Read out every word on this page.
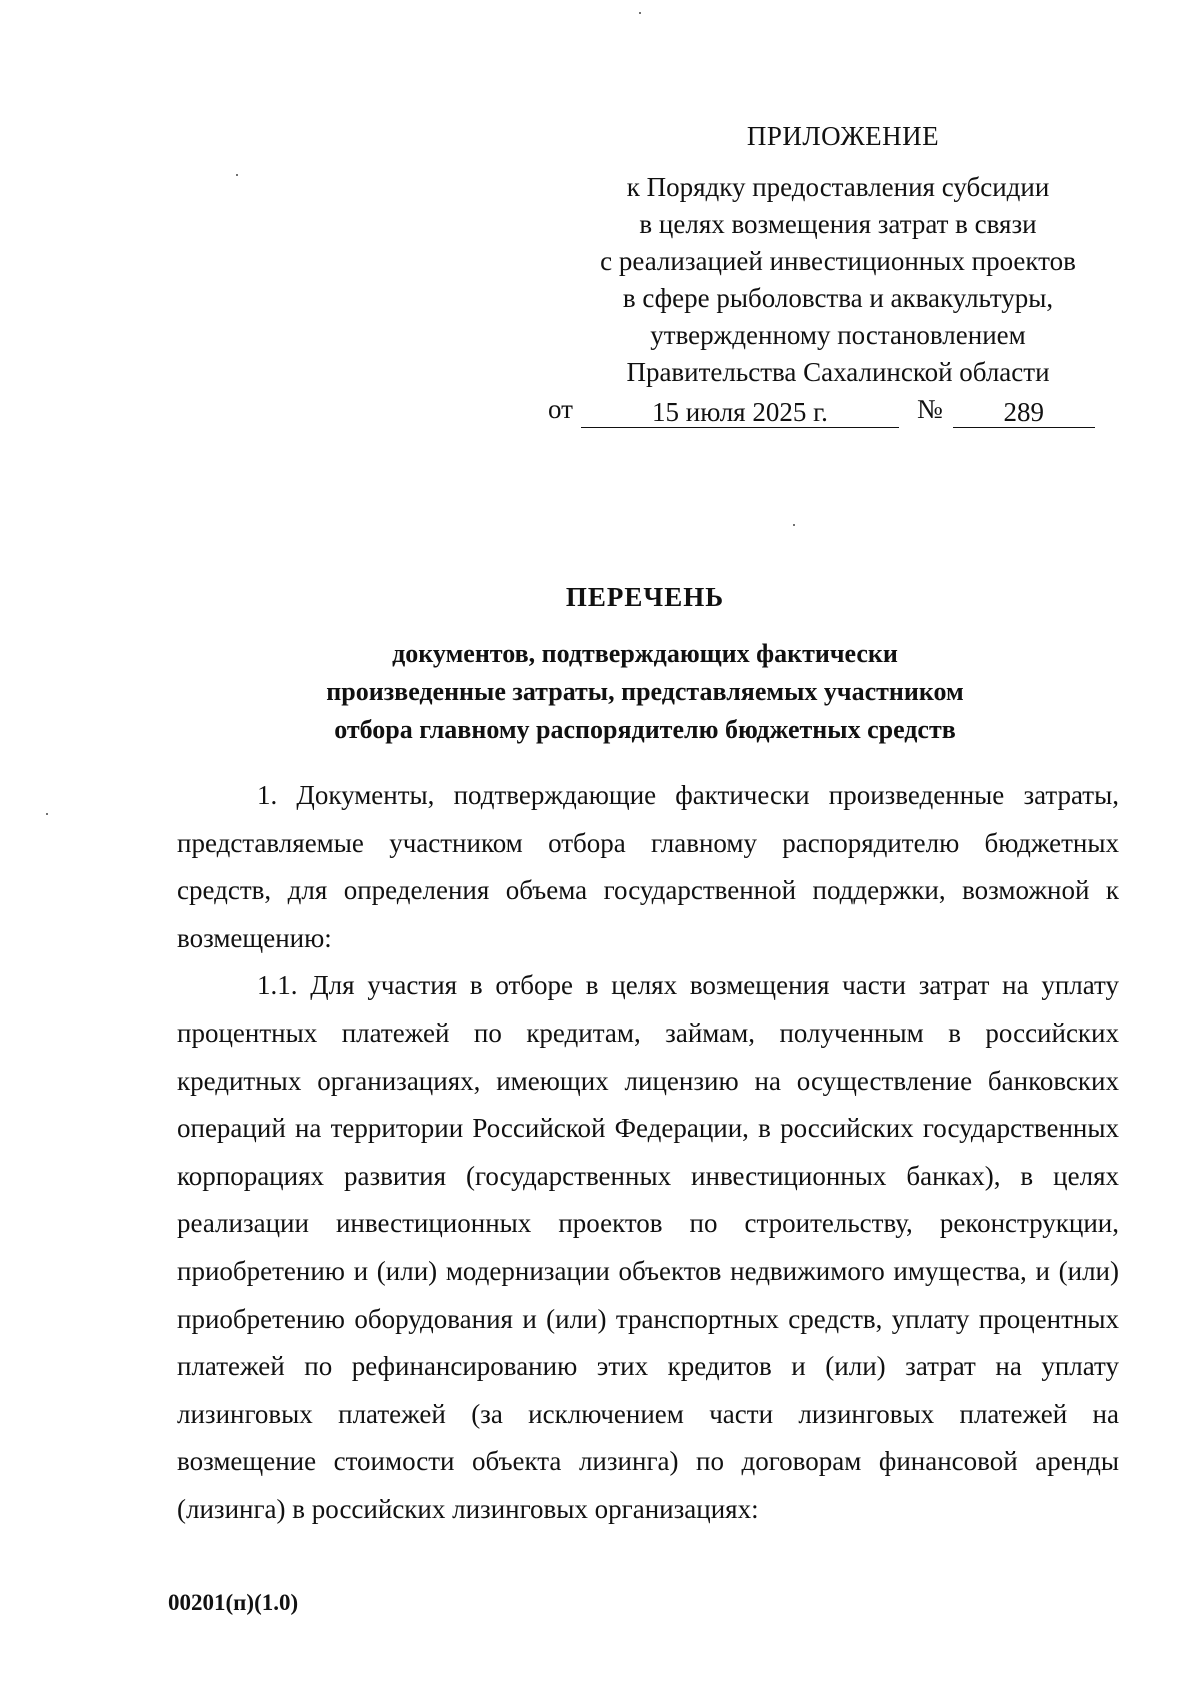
ПРИЛОЖЕНИЕ
к Порядку предоставления субсидии
в целях возмещения затрат в связи
с реализацией инвестиционных проектов
в сфере рыболовства и аквакультуры,
утвержденному постановлением
Правительства Сахалинской области
от	15 июля 2025 г.	№	289
ПЕРЕЧЕНЬ
документов, подтверждающих фактически
произведенные затраты, представляемых участником
отбора главному распорядителю бюджетных средств

1. Документы, подтверждающие фактически произведенные затраты, представляемые участником отбора главному распорядителю бюджетных средств, для определения объема государственной поддержки, возможной к возмещению:

1.1. Для участия в отборе в целях возмещения части затрат на уплату процентных платежей по кредитам, займам, полученным в российских кредитных организациях, имеющих лицензию на осуществление банковских операций на территории Российской Федерации, в российских государственных корпорациях развития (государственных инвестиционных банках), в целях реализации инвестиционных проектов по строительству, реконструкции, приобретению и (или) модернизации объектов недвижимого имущества, и (или) приобретению оборудования и (или) транспортных средств, уплату процентных платежей по рефинансированию этих кредитов и (или) затрат на уплату лизинговых платежей (за исключением части лизинговых платежей на возмещение стоимости объекта лизинга) по договорам финансовой аренды (лизинга) в российских лизинговых организациях:

00201(п)(1.0)
